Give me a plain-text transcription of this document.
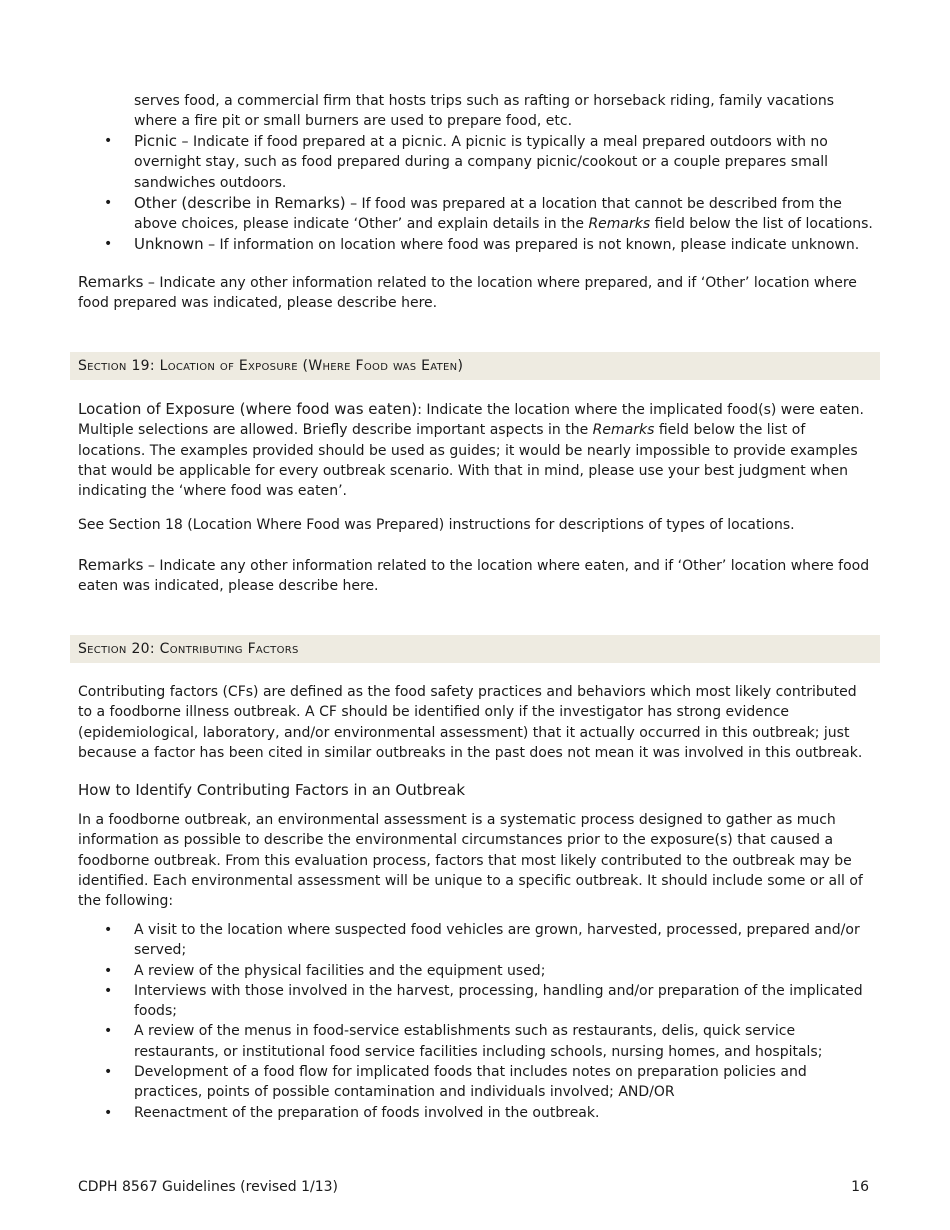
serves food, a commercial firm that hosts trips such as rafting or horseback riding, family vacations where a fire pit or small burners are used to prepare food, etc.

• Picnic – Indicate if food prepared at a picnic. A picnic is typically a meal prepared outdoors with no overnight stay, such as food prepared during a company picnic/cookout or a couple prepares small sandwiches outdoors.
• Other (describe in Remarks) – If food was prepared at a location that cannot be described from the above choices, please indicate ‘Other’ and explain details in the Remarks field below the list of locations.
• Unknown – If information on location where food was prepared is not known, please indicate unknown.

Remarks – Indicate any other information related to the location where prepared, and if ‘Other’ location where food prepared was indicated, please describe here.

Section 19: Location of Exposure (Where Food was Eaten)

Location of Exposure (where food was eaten): Indicate the location where the implicated food(s) were eaten. Multiple selections are allowed. Briefly describe important aspects in the Remarks field below the list of locations. The examples provided should be used as guides; it would be nearly impossible to provide examples that would be applicable for every outbreak scenario. With that in mind, please use your best judgment when indicating the ‘where food was eaten’.

See Section 18 (Location Where Food was Prepared) instructions for descriptions of types of locations.

Remarks – Indicate any other information related to the location where eaten, and if ‘Other’ location where food eaten was indicated, please describe here.

Section 20: Contributing Factors

Contributing factors (CFs) are defined as the food safety practices and behaviors which most likely contributed to a foodborne illness outbreak. A CF should be identified only if the investigator has strong evidence (epidemiological, laboratory, and/or environmental assessment) that it actually occurred in this outbreak; just because a factor has been cited in similar outbreaks in the past does not mean it was involved in this outbreak.

How to Identify Contributing Factors in an Outbreak

In a foodborne outbreak, an environmental assessment is a systematic process designed to gather as much information as possible to describe the environmental circumstances prior to the exposure(s) that caused a foodborne outbreak. From this evaluation process, factors that most likely contributed to the outbreak may be identified. Each environmental assessment will be unique to a specific outbreak. It should include some or all of the following:

• A visit to the location where suspected food vehicles are grown, harvested, processed, prepared and/or served;
• A review of the physical facilities and the equipment used;
• Interviews with those involved in the harvest, processing, handling and/or preparation of the implicated foods;
• A review of the menus in food-service establishments such as restaurants, delis, quick service restaurants, or institutional food service facilities including schools, nursing homes, and hospitals;
• Development of a food flow for implicated foods that includes notes on preparation policies and practices, points of possible contamination and individuals involved; AND/OR
• Reenactment of the preparation of foods involved in the outbreak.
CDPH 8567 Guidelines (revised 1/13)	16
